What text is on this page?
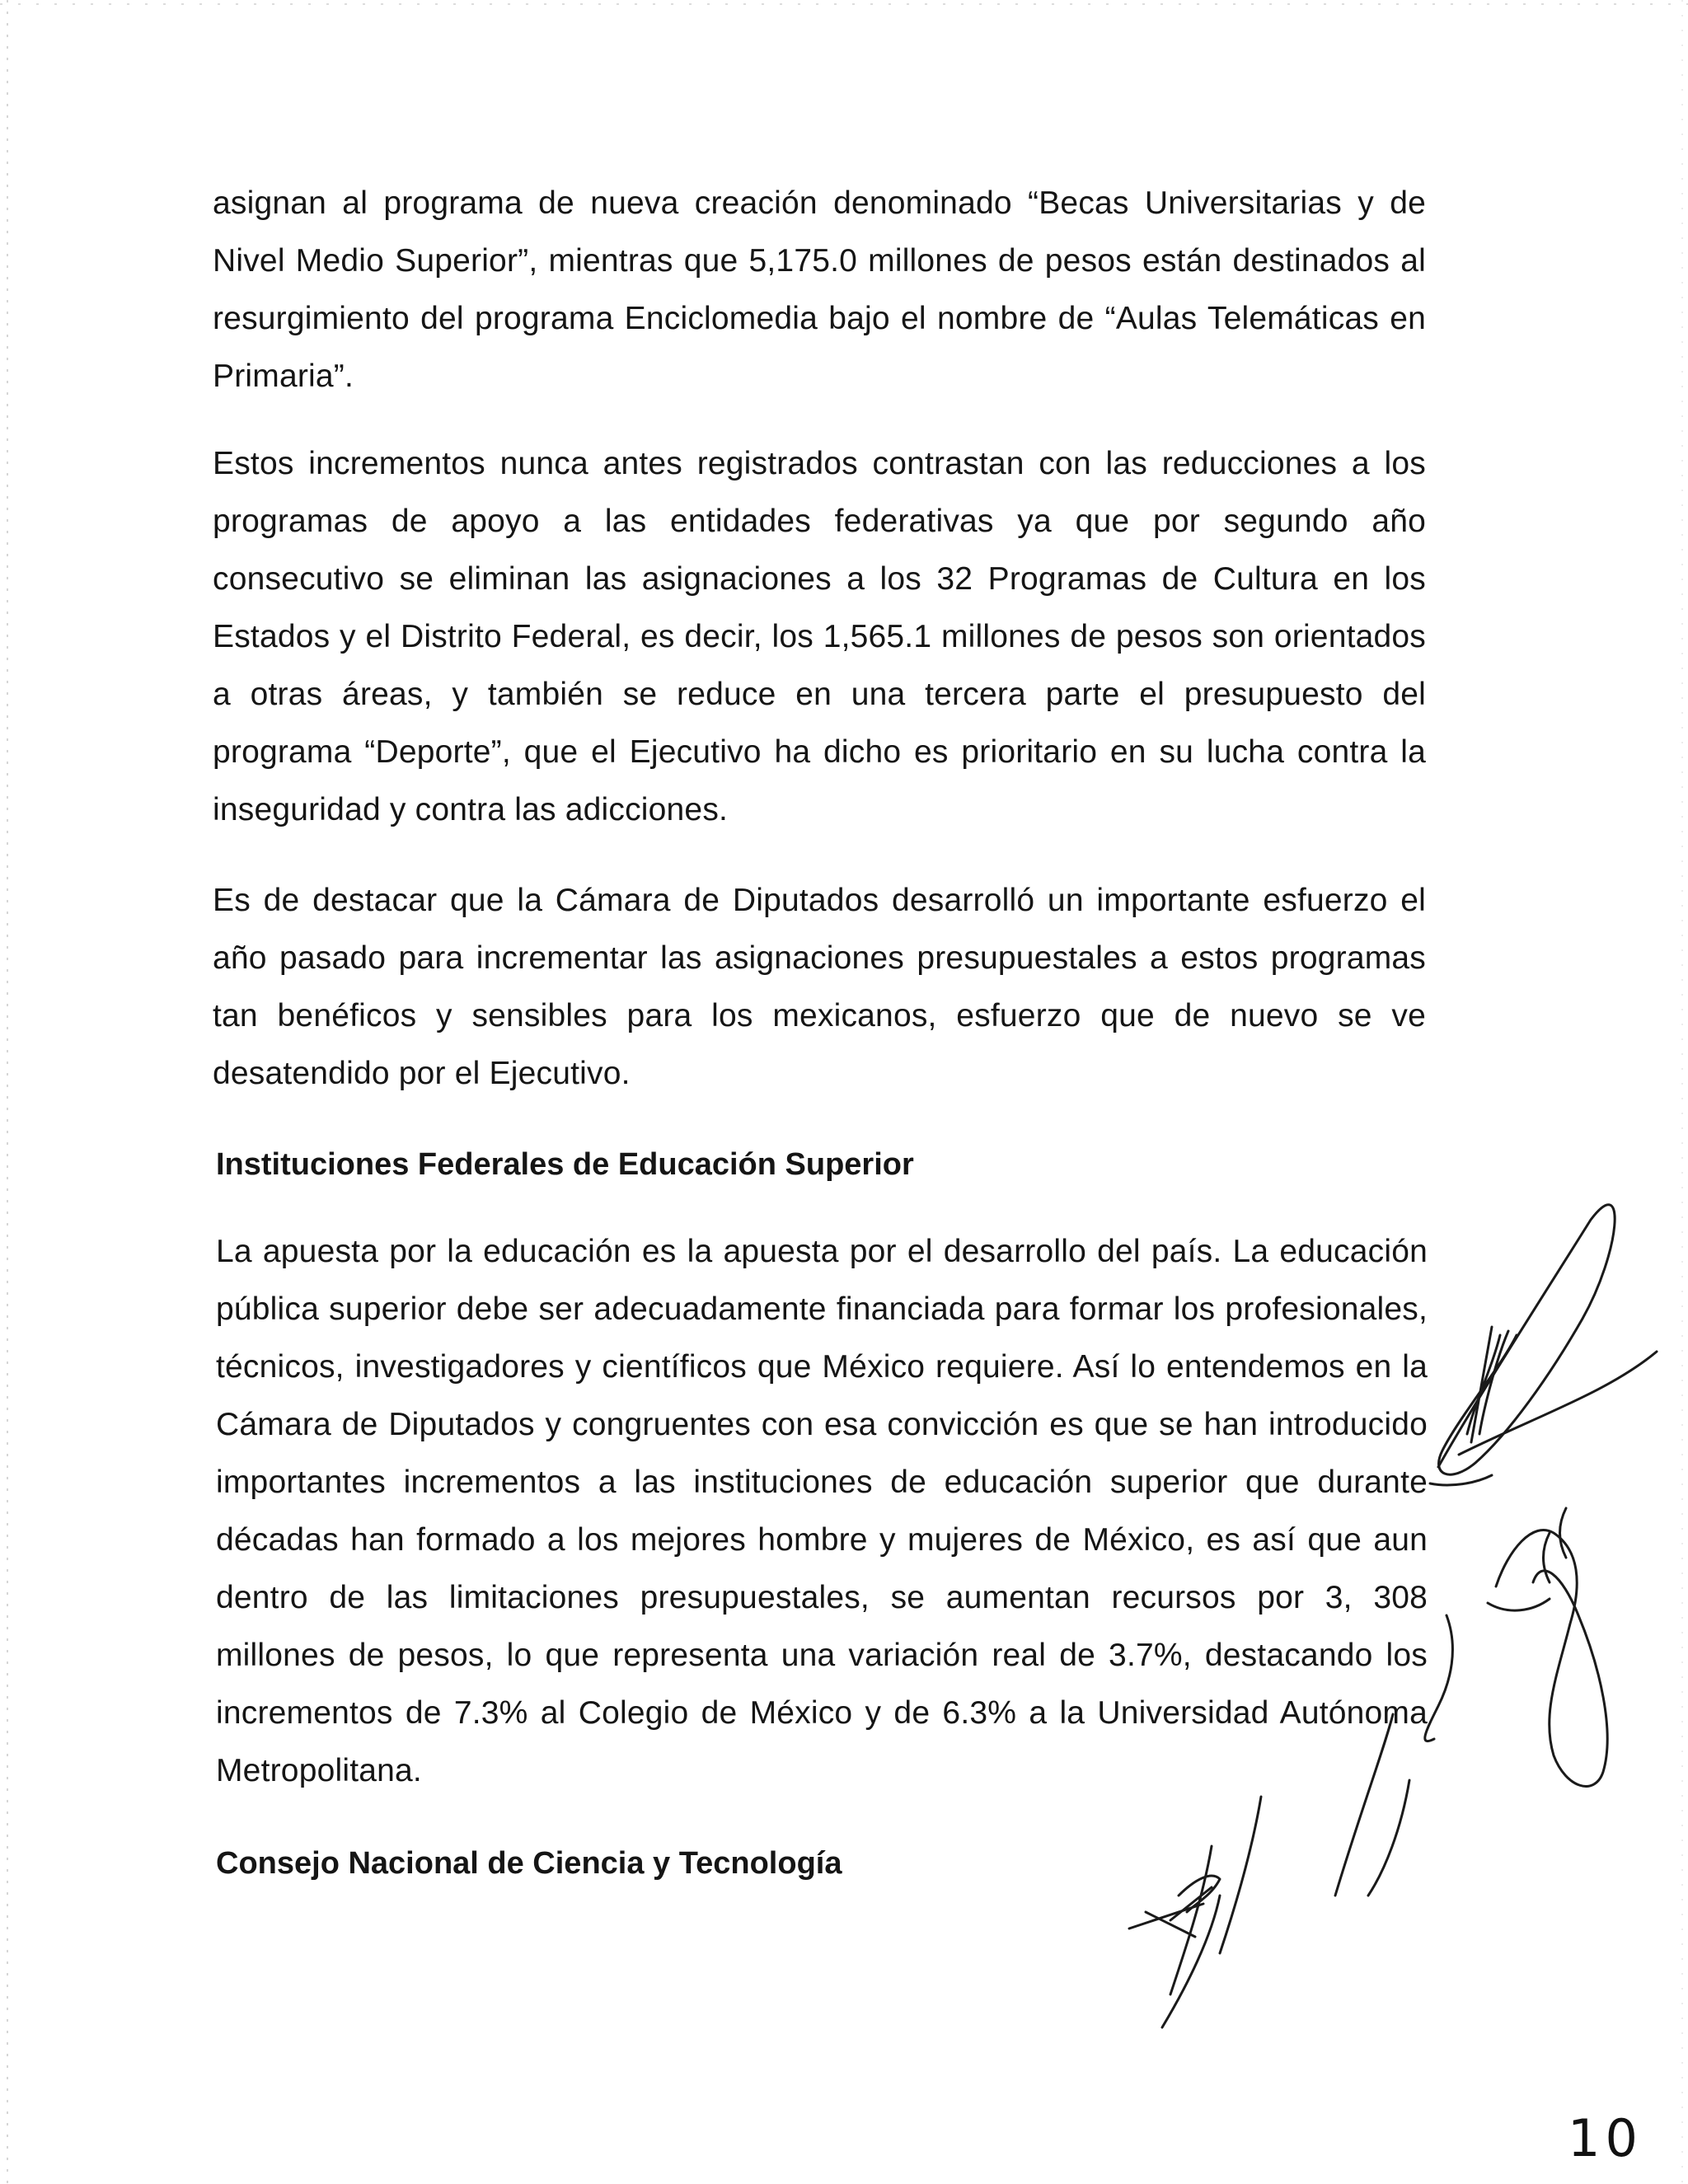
asignan al programa de nueva creación denominado “Becas Universitarias y de Nivel Medio Superior”, mientras que 5,175.0 millones de pesos están destinados al resurgimiento del programa Enciclomedia bajo el nombre de “Aulas Telemáticas en Primaria”.

Estos incrementos nunca antes registrados contrastan con las reducciones a los programas de apoyo a las entidades federativas ya que por segundo año consecutivo se eliminan las asignaciones a los 32 Programas de Cultura en los Estados y el Distrito Federal, es decir, los 1,565.1 millones de pesos son orientados a otras áreas, y también se reduce en una tercera parte el presupuesto del programa “Deporte”, que el Ejecutivo ha dicho es prioritario en su lucha contra la inseguridad y contra las adicciones.

Es de destacar que la Cámara de Diputados desarrolló un importante esfuerzo el año pasado para incrementar las asignaciones presupuestales a estos programas tan benéficos y sensibles para los mexicanos, esfuerzo que de nuevo se ve desatendido por el Ejecutivo.

Instituciones Federales de Educación Superior

La apuesta por la educación es la apuesta por el desarrollo del país. La educación pública superior debe ser adecuadamente financiada para formar los profesionales, técnicos, investigadores y científicos que México requiere. Así lo entendemos en la Cámara de Diputados y congruentes con esa convicción es que se han introducido importantes incrementos a las instituciones de educación superior que durante décadas han formado a los mejores hombre y mujeres de México, es así que aun dentro de las limitaciones presupuestales, se aumentan recursos por 3, 308 millones de pesos, lo que representa una variación real de 3.7%, destacando los incrementos de 7.3% al Colegio de México y de 6.3% a la Universidad Autónoma Metropolitana.

Consejo Nacional de Ciencia y Tecnología
10
